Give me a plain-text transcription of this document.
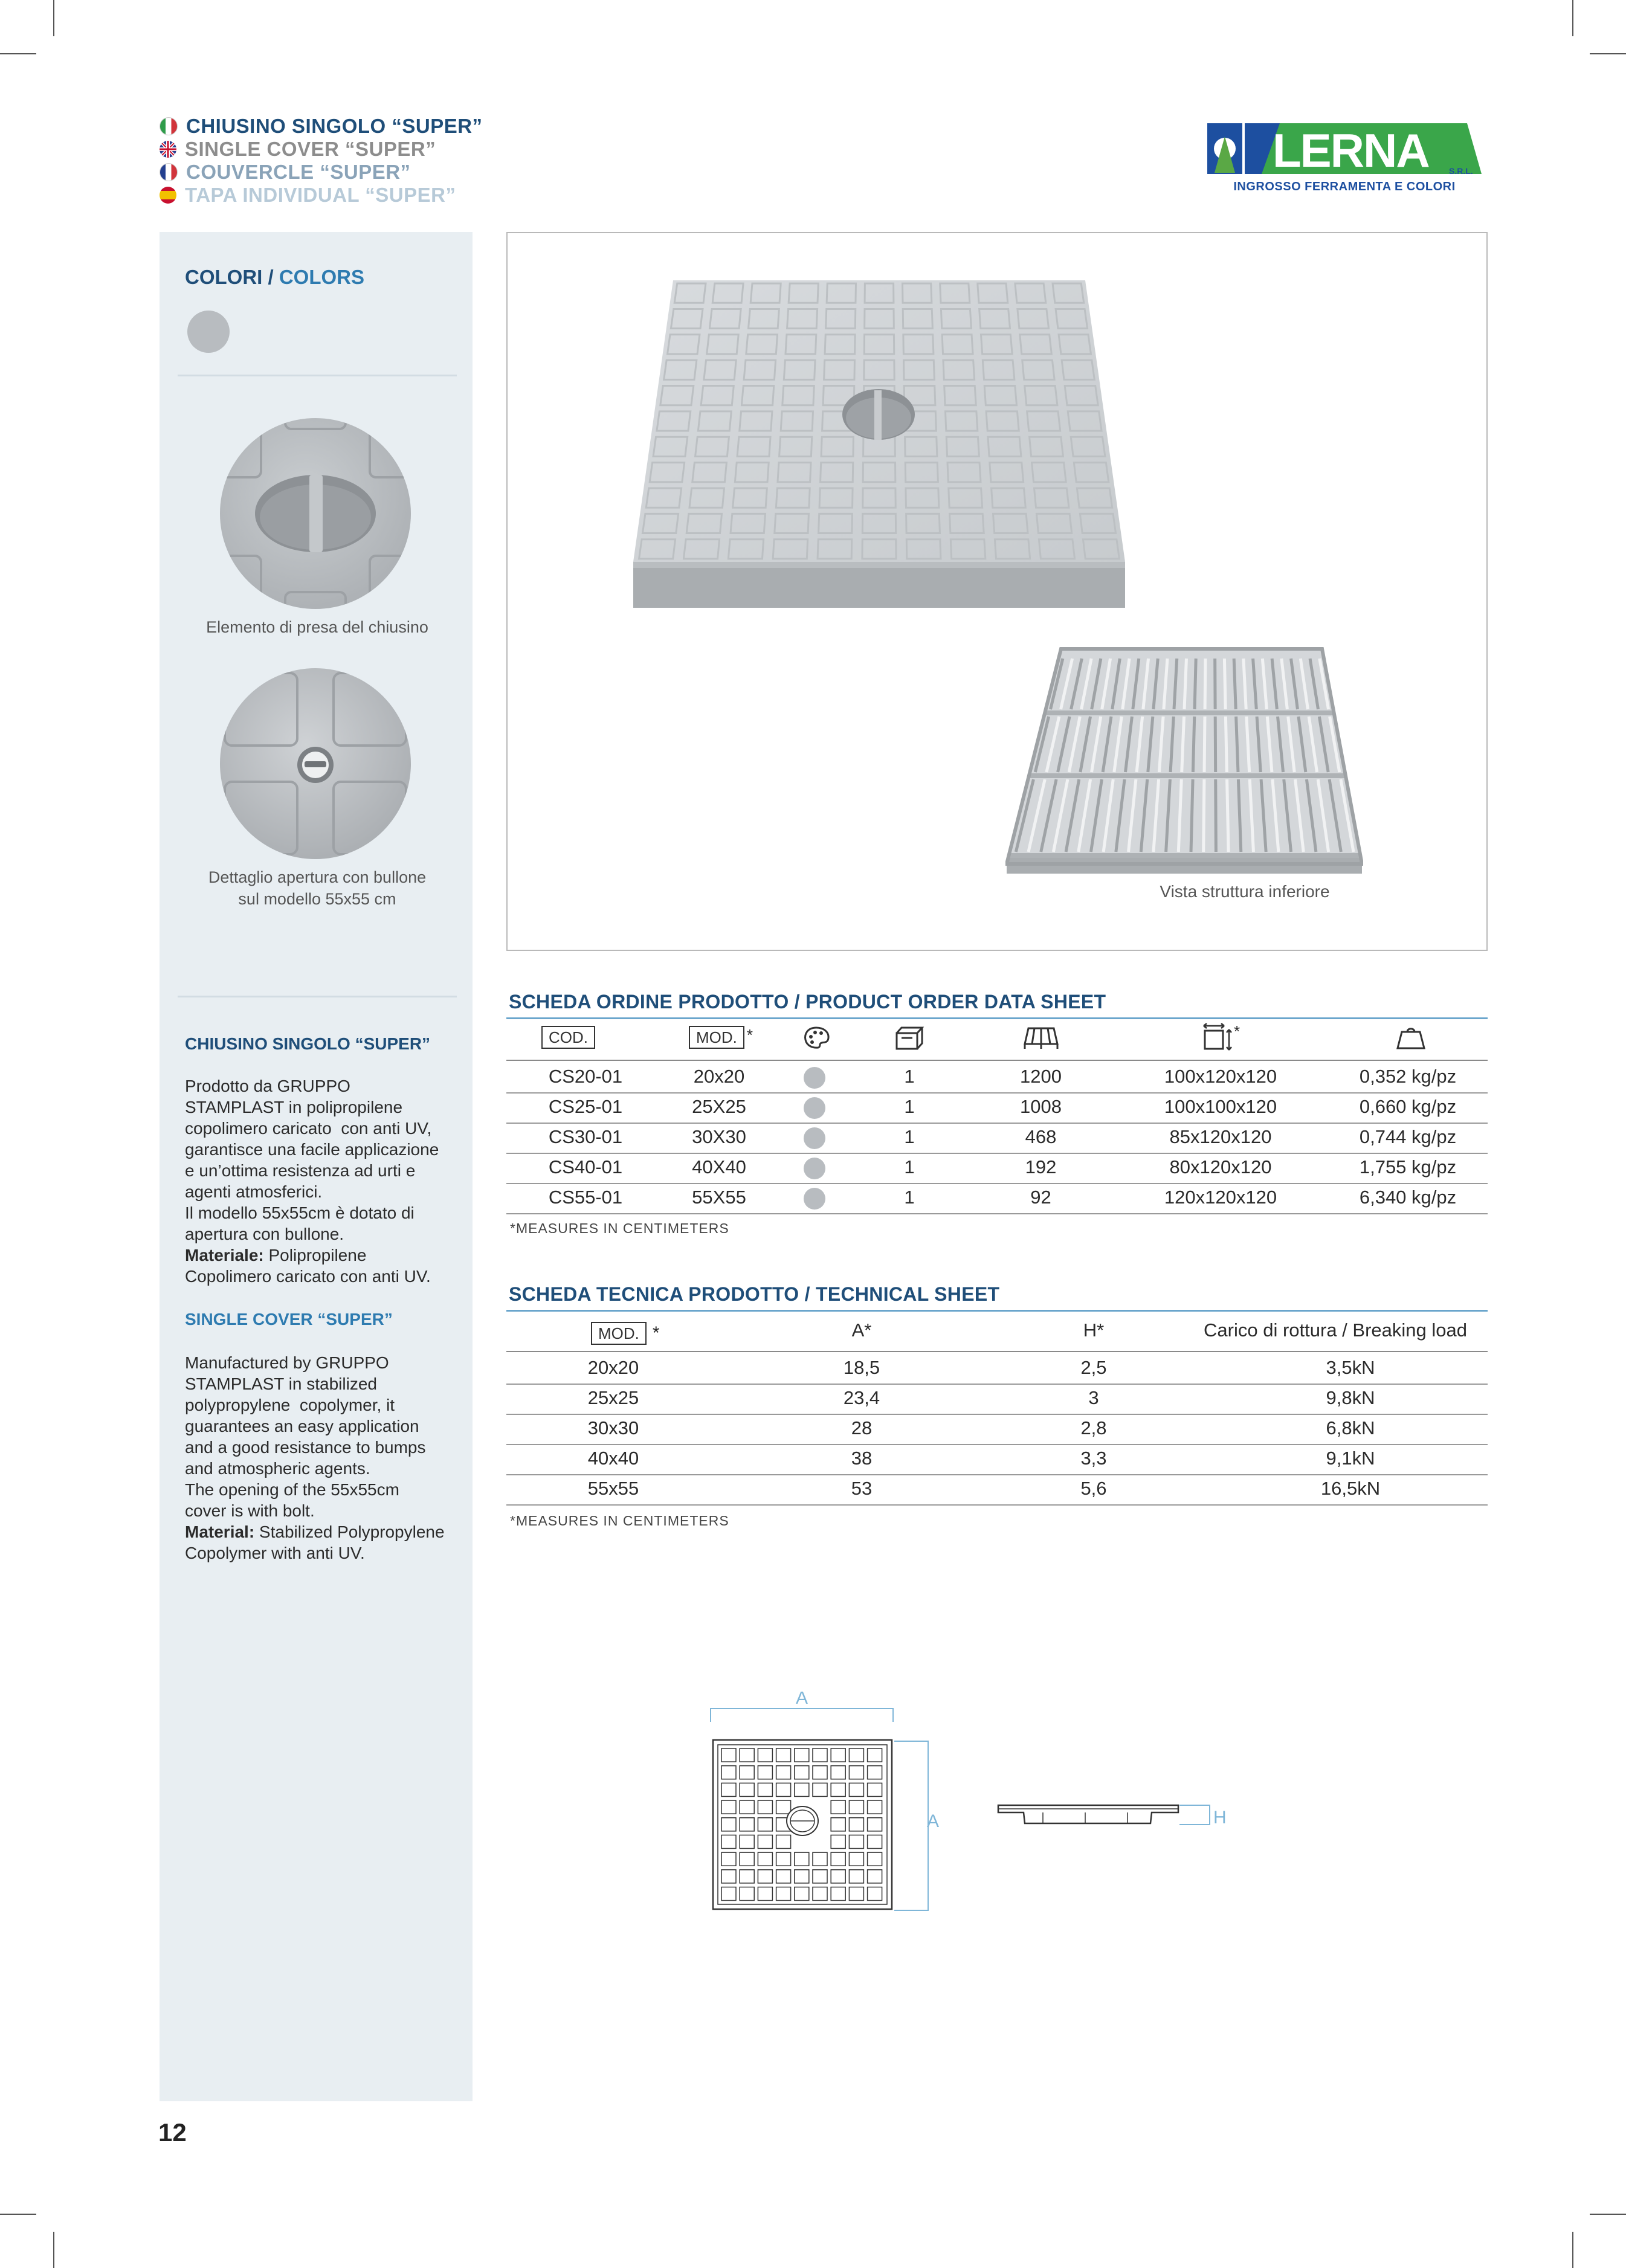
CHIUSINO SINGOLO “SUPER”
SINGLE COVER “SUPER”
COUVERCLE “SUPER”
TAPA INDIVIDUAL “SUPER”
LERNA S.R.L.
INGROSSO FERRAMENTA E COLORI
COLORI / COLORS
Elemento di presa del chiusino
Dettaglio apertura con bullone
sul modello 55x55 cm
CHIUSINO SINGOLO “SUPER”
Prodotto da GRUPPO
STAMPLAST in polipropilene
copolimero caricato  con anti UV,
garantisce una facile applicazione
e un’ottima resistenza ad urti e
agenti atmosferici.
Il modello 55x55cm è dotato di
apertura con bullone.
Materiale: Polipropilene
Copolimero caricato con anti UV.
SINGLE COVER “SUPER”
Manufactured by GRUPPO
STAMPLAST in stabilized
polypropylene  copolymer, it
guarantees an easy application
and a good resistance to bumps
and atmospheric agents.
The opening of the 55x55cm
cover is with bolt.
Material: Stabilized Polypropylene
Copolymer with anti UV.
Vista struttura inferiore
SCHEDA ORDINE PRODOTTO / PRODUCT ORDER DATA SHEET
COD.	MOD. *	*
CS20-01	20x20	1	1200	100x120x120	0,352 kg/pz
CS25-01	25X25	1	1008	100x100x120	0,660 kg/pz
CS30-01	30X30	1	468	85x120x120	0,744 kg/pz
CS40-01	40X40	1	192	80x120x120	1,755 kg/pz
CS55-01	55X55	1	92	120x120x120	6,340 kg/pz
*MEASURES IN CENTIMETERS
SCHEDA TECNICA PRODOTTO / TECHNICAL SHEET
MOD. *	A*	H*	Carico di rottura / Breaking load
20x20	18,5	2,5	3,5kN
25x25	23,4	3	9,8kN
30x30	28	2,8	6,8kN
40x40	38	3,3	9,1kN
55x55	53	5,6	16,5kN
*MEASURES IN CENTIMETERS
A
A	H
12
